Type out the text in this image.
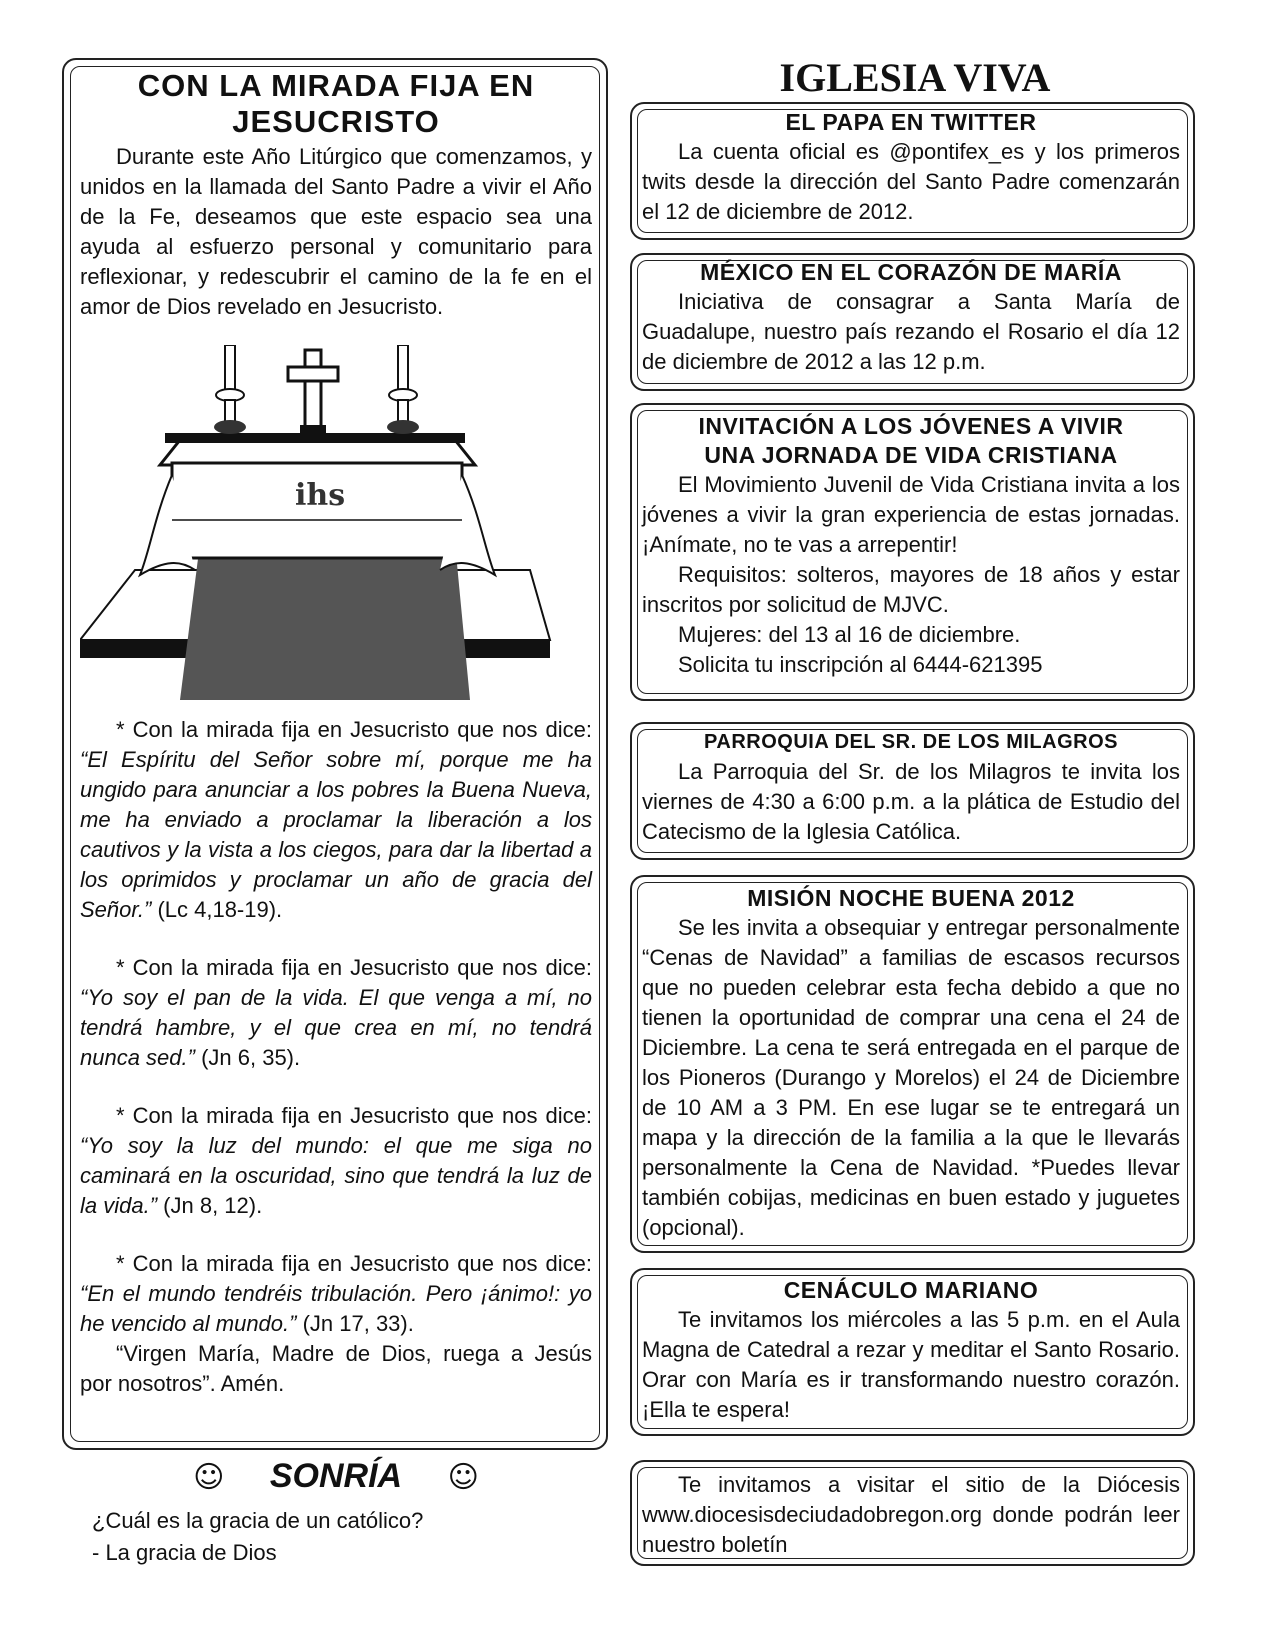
CON LA MIRADA FIJA EN
JESUCRISTO

Durante este Año Litúrgico que comenzamos, y unidos en la llamada del Santo Padre a vivir el Año de la Fe, deseamos que este espacio sea una ayuda al esfuerzo personal y comunitario para reflexionar, y redescubrir el camino de la fe en el amor de Dios revelado en Jesucristo.

ihs

* Con la mirada fija en Jesucristo que nos dice: “El Espíritu del Señor sobre mí, porque me ha ungido para anunciar a los pobres la Buena Nueva, me ha enviado a proclamar la liberación a los cautivos y la vista a los ciegos, para dar la libertad a los oprimidos y proclamar un año de gracia del Señor.” (Lc 4,18-19).

* Con la mirada fija en Jesucristo que nos dice: “Yo soy el pan de la vida. El que venga a mí, no tendrá hambre, y el que crea en mí, no tendrá nunca sed.” (Jn 6, 35).

* Con la mirada fija en Jesucristo que nos dice: “Yo soy la luz del mundo: el que me siga no caminará en la oscuridad, sino que tendrá la luz de la vida.” (Jn 8, 12).

* Con la mirada fija en Jesucristo que nos dice: “En el mundo tendréis tribulación. Pero ¡ánimo!: yo he vencido al mundo.” (Jn 17, 33).

“Virgen María, Madre de Dios, ruega a Jesús por nosotros”. Amén.

☺ SONRÍA ☺
¿Cuál es la gracia de un católico?
- La gracia de Dios
IGLESIA VIVA

EL PAPA EN TWITTER

La cuenta oficial es @pontifex_es y los primeros twits desde la dirección del Santo Padre comenzarán el 12 de diciembre de 2012.

MÉXICO EN EL CORAZÓN DE MARÍA

Iniciativa de consagrar a Santa María de Guadalupe, nuestro país rezando el Rosario el día 12 de diciembre de 2012 a las 12 p.m.

INVITACIÓN A LOS JÓVENES A VIVIR

UNA JORNADA DE VIDA CRISTIANA

El Movimiento Juvenil de Vida Cristiana invita a los jóvenes a vivir la gran experiencia de estas jornadas. ¡Anímate, no te vas a arrepentir!

Requisitos: solteros, mayores de 18 años y estar inscritos por solicitud de MJVC.

Mujeres: del 13 al 16 de diciembre.

Solicita tu inscripción al 6444-621395

PARROQUIA DEL SR. DE LOS MILAGROS

La Parroquia del Sr. de los Milagros te invita los viernes de 4:30 a 6:00 p.m. a la plática de Estudio del Catecismo de la Iglesia Católica.

MISIÓN NOCHE BUENA 2012

Se les invita a obsequiar y entregar personalmente “Cenas de Navidad” a familias de escasos recursos que no pueden celebrar esta fecha debido a que no tienen la oportunidad de comprar una cena el 24 de Diciembre. La cena te será entregada en el parque de los Pioneros (Durango y Morelos) el 24 de Diciembre de 10 AM a 3 PM. En ese lugar se te entregará un mapa y la dirección de la familia a la que le llevarás personalmente la Cena de Navidad. *Puedes llevar también cobijas, medicinas en buen estado y juguetes (opcional).

CENÁCULO MARIANO

Te invitamos los miércoles a las 5 p.m. en el Aula Magna de Catedral a rezar y meditar el Santo Rosario. Orar con María es ir transformando nuestro corazón. ¡Ella te espera!

Te invitamos a visitar el sitio de la Diócesis www.diocesisdeciudadobregon.org donde podrán leer nuestro boletín
